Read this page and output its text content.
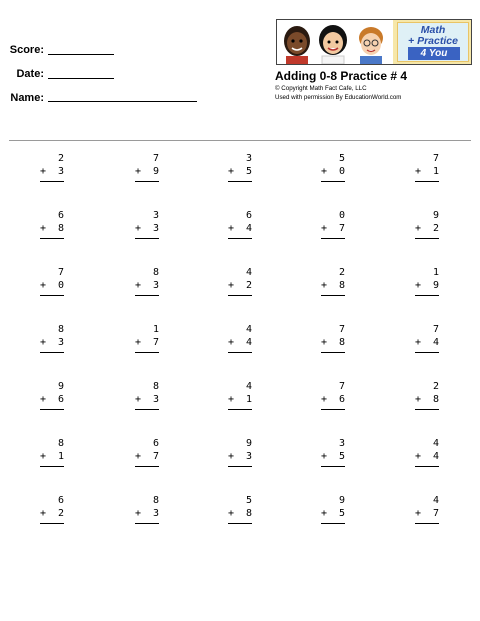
Score:
Date:
Name:
Math
+ Practice
4 You
Adding 0-8 Practice # 4
© Copyright Math Fact Cafe, LLC
Used with permission By EducationWorld.com
2
+ 3
7
+ 9
3
+ 5
5
+ 0
7
+ 1
6
+ 8
3
+ 3
6
+ 4
0
+ 7
9
+ 2
7
+ 0
8
+ 3
4
+ 2
2
+ 8
1
+ 9
8
+ 3
1
+ 7
4
+ 4
7
+ 8
7
+ 4
9
+ 6
8
+ 3
4
+ 1
7
+ 6
2
+ 8
8
+ 1
6
+ 7
9
+ 3
3
+ 5
4
+ 4
6
+ 2
8
+ 3
5
+ 8
9
+ 5
4
+ 7
